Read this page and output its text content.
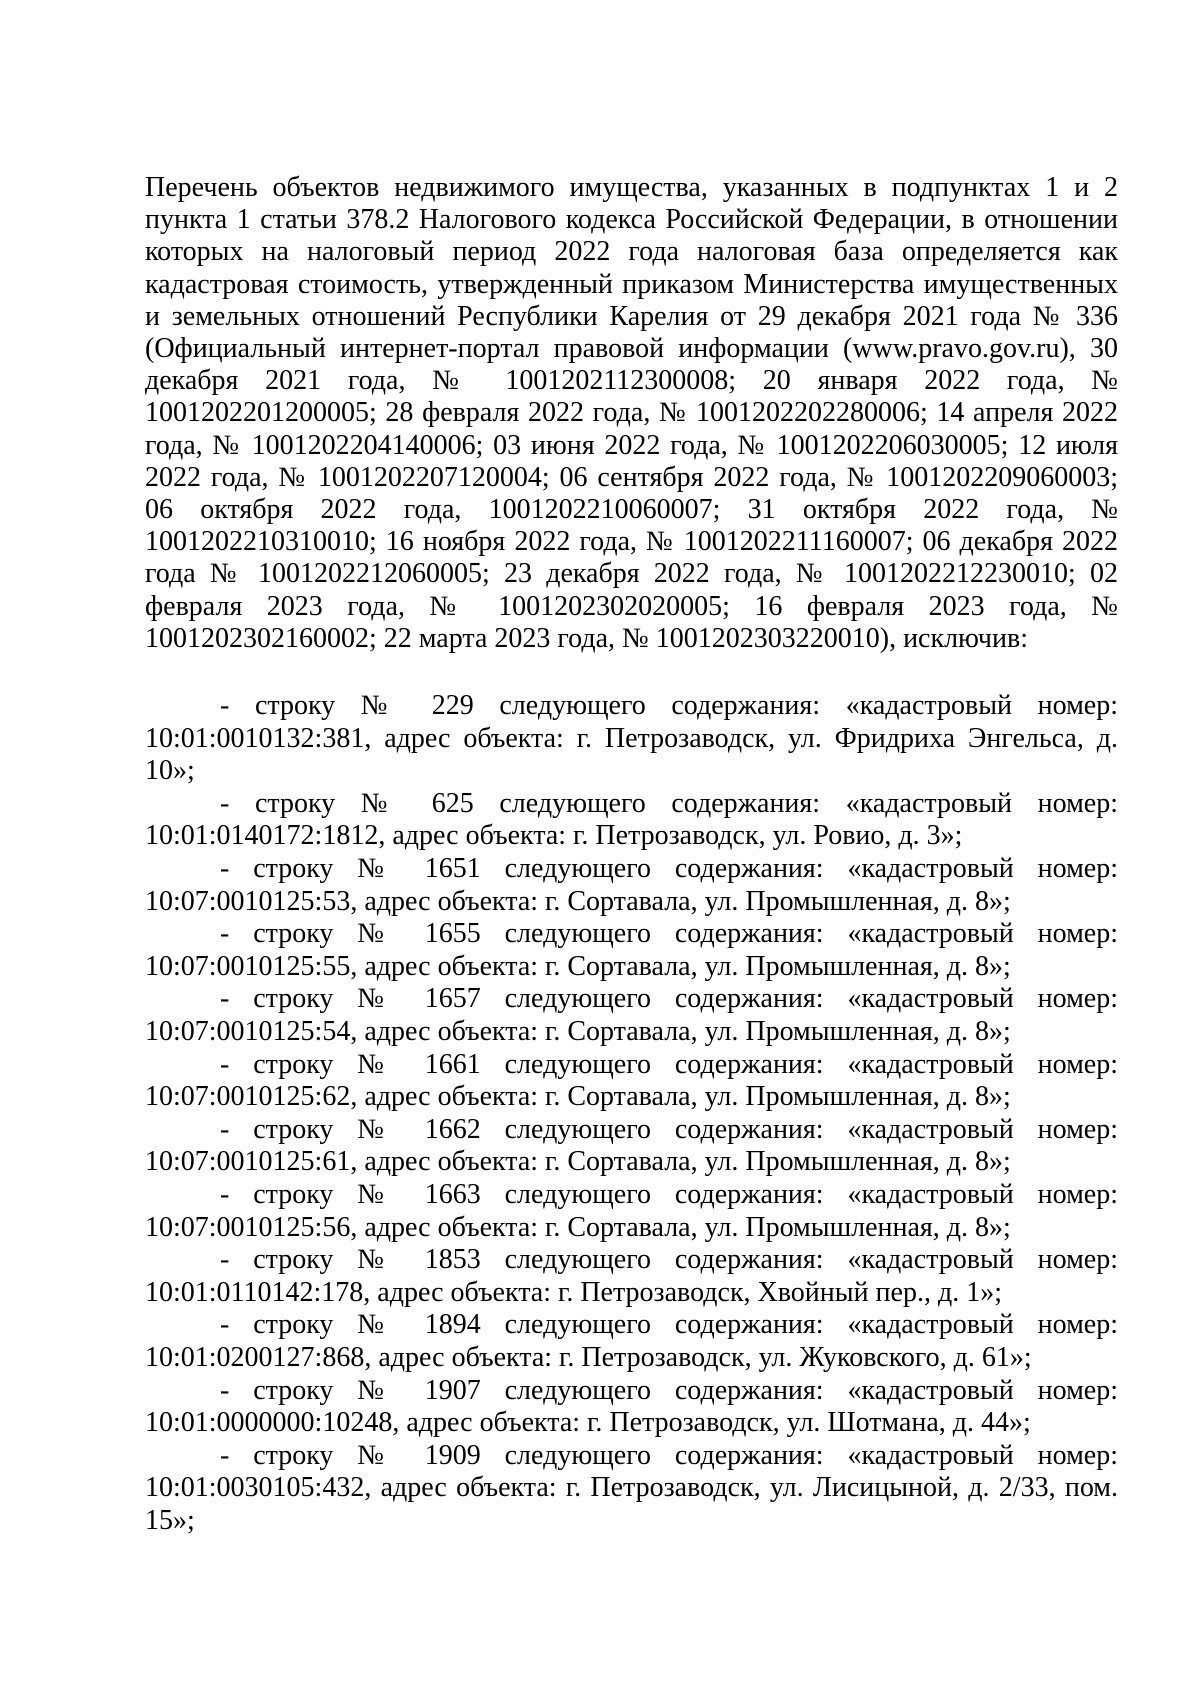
Перечень объектов недвижимого имущества, указанных в подпунктах 1 и 2 пункта 1 статьи 378.2 Налогового кодекса Российской Федерации, в отношении которых на налоговый период 2022 года налоговая база определяется как кадастровая стоимость, утвержденный приказом Министерства имущественных и земельных отношений Республики Карелия от 29 декабря 2021 года № 336 (Официальный интернет-портал правовой информации (www.pravo.gov.ru), 30 декабря 2021 года, № 1001202112300008; 20 января 2022 года, № 1001202201200005; 28 февраля 2022 года, № 1001202202280006; 14 апреля 2022 года, № 1001202204140006; 03 июня 2022 года, № 1001202206030005; 12 июля 2022 года, № 1001202207120004; 06 сентября 2022 года, № 1001202209060003; 06 октября 2022 года, 1001202210060007; 31 октября 2022 года, № 1001202210310010; 16 ноября 2022 года, № 1001202211160007; 06 декабря 2022 года № 1001202212060005; 23 декабря 2022 года, № 1001202212230010; 02 февраля 2023 года, № 1001202302020005; 16 февраля 2023 года, № 1001202302160002; 22 марта 2023 года, № 1001202303220010), исключив:

- строку № 229 следующего содержания: «кадастровый номер: 10:01:0010132:381, адрес объекта: г. Петрозаводск, ул. Фридриха Энгельса, д. 10»;

- строку № 625 следующего содержания: «кадастровый номер: 10:01:0140172:1812, адрес объекта: г. Петрозаводск, ул. Ровио, д. 3»;

- строку № 1651 следующего содержания: «кадастровый номер: 10:07:0010125:53, адрес объекта: г. Сортавала, ул. Промышленная, д. 8»;

- строку № 1655 следующего содержания: «кадастровый номер: 10:07:0010125:55, адрес объекта: г. Сортавала, ул. Промышленная, д. 8»;

- строку № 1657 следующего содержания: «кадастровый номер: 10:07:0010125:54, адрес объекта: г. Сортавала, ул. Промышленная, д. 8»;

- строку № 1661 следующего содержания: «кадастровый номер: 10:07:0010125:62, адрес объекта: г. Сортавала, ул. Промышленная, д. 8»;

- строку № 1662 следующего содержания: «кадастровый номер: 10:07:0010125:61, адрес объекта: г. Сортавала, ул. Промышленная, д. 8»;

- строку № 1663 следующего содержания: «кадастровый номер: 10:07:0010125:56, адрес объекта: г. Сортавала, ул. Промышленная, д. 8»;

- строку № 1853 следующего содержания: «кадастровый номер: 10:01:0110142:178, адрес объекта: г. Петрозаводск, Хвойный пер., д. 1»;

- строку № 1894 следующего содержания: «кадастровый номер: 10:01:0200127:868, адрес объекта: г. Петрозаводск, ул. Жуковского, д. 61»;

- строку № 1907 следующего содержания: «кадастровый номер: 10:01:0000000:10248, адрес объекта: г. Петрозаводск, ул. Шотмана, д. 44»;

- строку № 1909 следующего содержания: «кадастровый номер: 10:01:0030105:432, адрес объекта: г. Петрозаводск, ул. Лисицыной, д. 2/33, пом. 15»;
